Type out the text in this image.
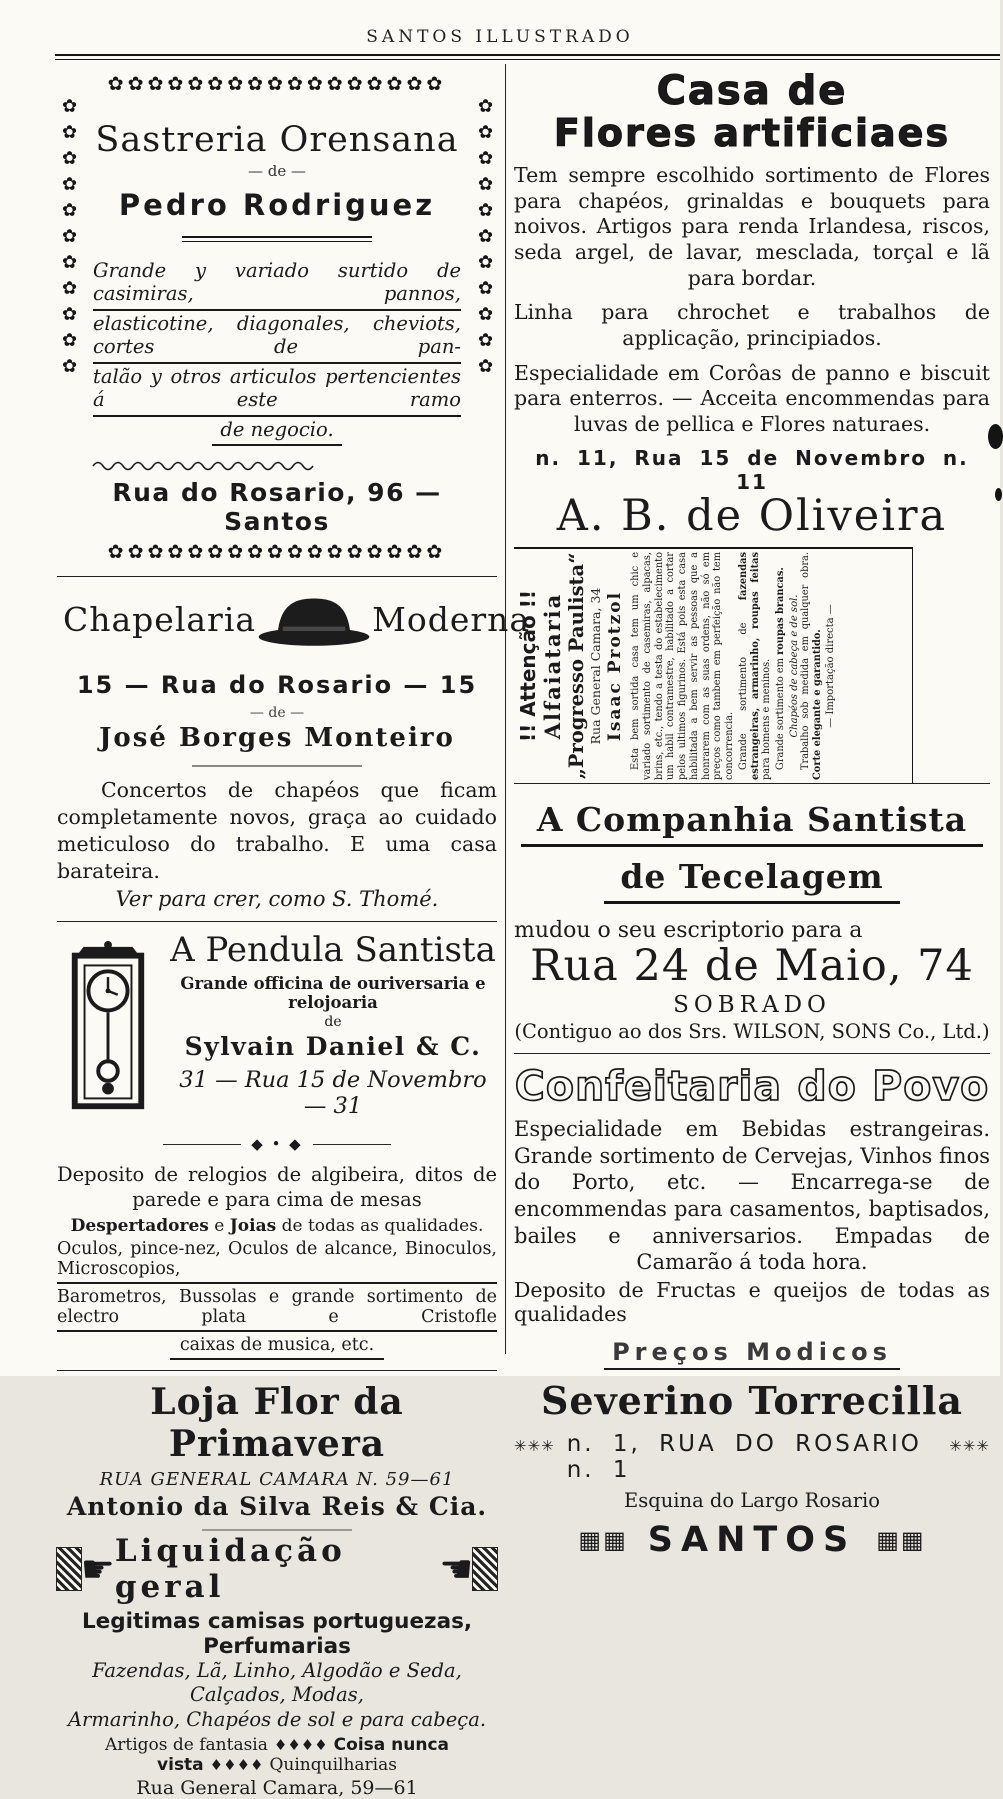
SANTOS ILLUSTRADO
✿✿✿✿✿✿✿✿✿✿✿✿✿✿✿✿✿
✿✿✿✿✿✿✿✿✿✿✿✿✿✿✿✿✿
✿✿✿✿✿✿✿✿✿✿✿	✿✿✿✿✿✿✿✿✿✿✿
Sastreria Orensana
— de —
Pedro Rodriguez
Grande y variado surtido de casimiras, pannos,
elasticotine, diagonales, cheviots, cortes de pan-
talão y otros articulos pertencientes á este ramo
de negocio.
Rua do Rosario, 96 — Santos
Chapelaria	Moderna
15 — Rua do Rosario — 15
— de —
José Borges Monteiro
Concertos de chapéos que ficam completamente novos, graça ao cuidado meticuloso do trabalho. E uma casa barateira.
Ver para crer, como S. Thomé.
A Pendula Santista
Grande officina de ouriversaria e relojoaria
de
Sylvain Daniel & C.
31 — Rua 15 de Novembro — 31
◆ • ◆
Deposito de relogios de algibeira, ditos de parede e para cima de mesas
Despertadores e Joias de todas as qualidades.
Oculos, pince-nez, Oculos de alcance, Binoculos, Microscopios,
Barometros, Bussolas e grande sortimento de electro plata e Cristofle
caixas de musica, etc.
Loja Flor da Primavera
RUA GENERAL CAMARA N. 59—61
Antonio da Silva Reis & Cia.
☛ Liquidação geral	☚
Legitimas camisas portuguezas, Perfumarias
Fazendas, Lã, Linho, Algodão e Seda, Calçados, Modas,
Armarinho, Chapéos de sol e para cabeça.
Artigos de fantasia ♦♦♦♦ Coisa nunca vista ♦♦♦♦ Quinquilharias
Rua General Camara, 59—61
Casa de
Flores artificiaes
Tem sempre escolhido sortimento de Flores para chapéos, grinaldas e bouquets para noivos. Artigos para renda Irlandesa, riscos, seda argel, de lavar, mesclada, torçal e lã para bordar.
Linha para chrochet e trabalhos de applicação, principiados.
Especialidade em Corôas de panno e biscuit para enterros. — Acceita encommendas para luvas de pellica e Flores naturaes.
n. 11, Rua 15 de Novembro n. 11
A. B. de Oliveira
!! Attenção !! Alfaiataria „Progresso Paulista“ Rua General Camara, 34 Isaac Protzol Esta bem sortida casa tem um chic e variado sortimento de casemiras, alpacas, brins, etc., tendo a testa do estabelecimento um habil contramestre, habilitado a cortar pelos ultimos figurinos. Está pois esta casa habilitada a bem servir as pessoas que a honrarem com as suas ordens, não só em preços como tambem em perfeição não tem concorrencia. Grande sortimento de fazendas estrangeiras, armarinho, roupas feitas para homens e meninos. Grande sortimento em roupas brancas. Chapéos de cabeça e de sol. Trabalho sob medida em qualquer obra. Corte elegante e garantido. — Importação directa —
A Companhia Santista
de Tecelagem
mudou o seu escriptorio para a
Rua 24 de Maio, 74
SOBRADO
(Contiguo ao dos Srs. WILSON, SONS Co., Ltd.)
Confeitaria do Povo
Especialidade em Bebidas estrangeiras. Grande sortimento de Cervejas, Vinhos finos do Porto, etc. — Encarrega-se de encommendas para casamentos, baptisados, bailes e anniversarios. Empadas de Camarão á toda hora.
Deposito de Fructas e queijos de todas as qualidades
Preços Modicos
Severino Torrecilla
✳✳✳ n. 1, RUA DO ROSARIO n. 1
✳✳✳
Esquina do Largo Rosario
▦▦ SANTOS ▦▦
